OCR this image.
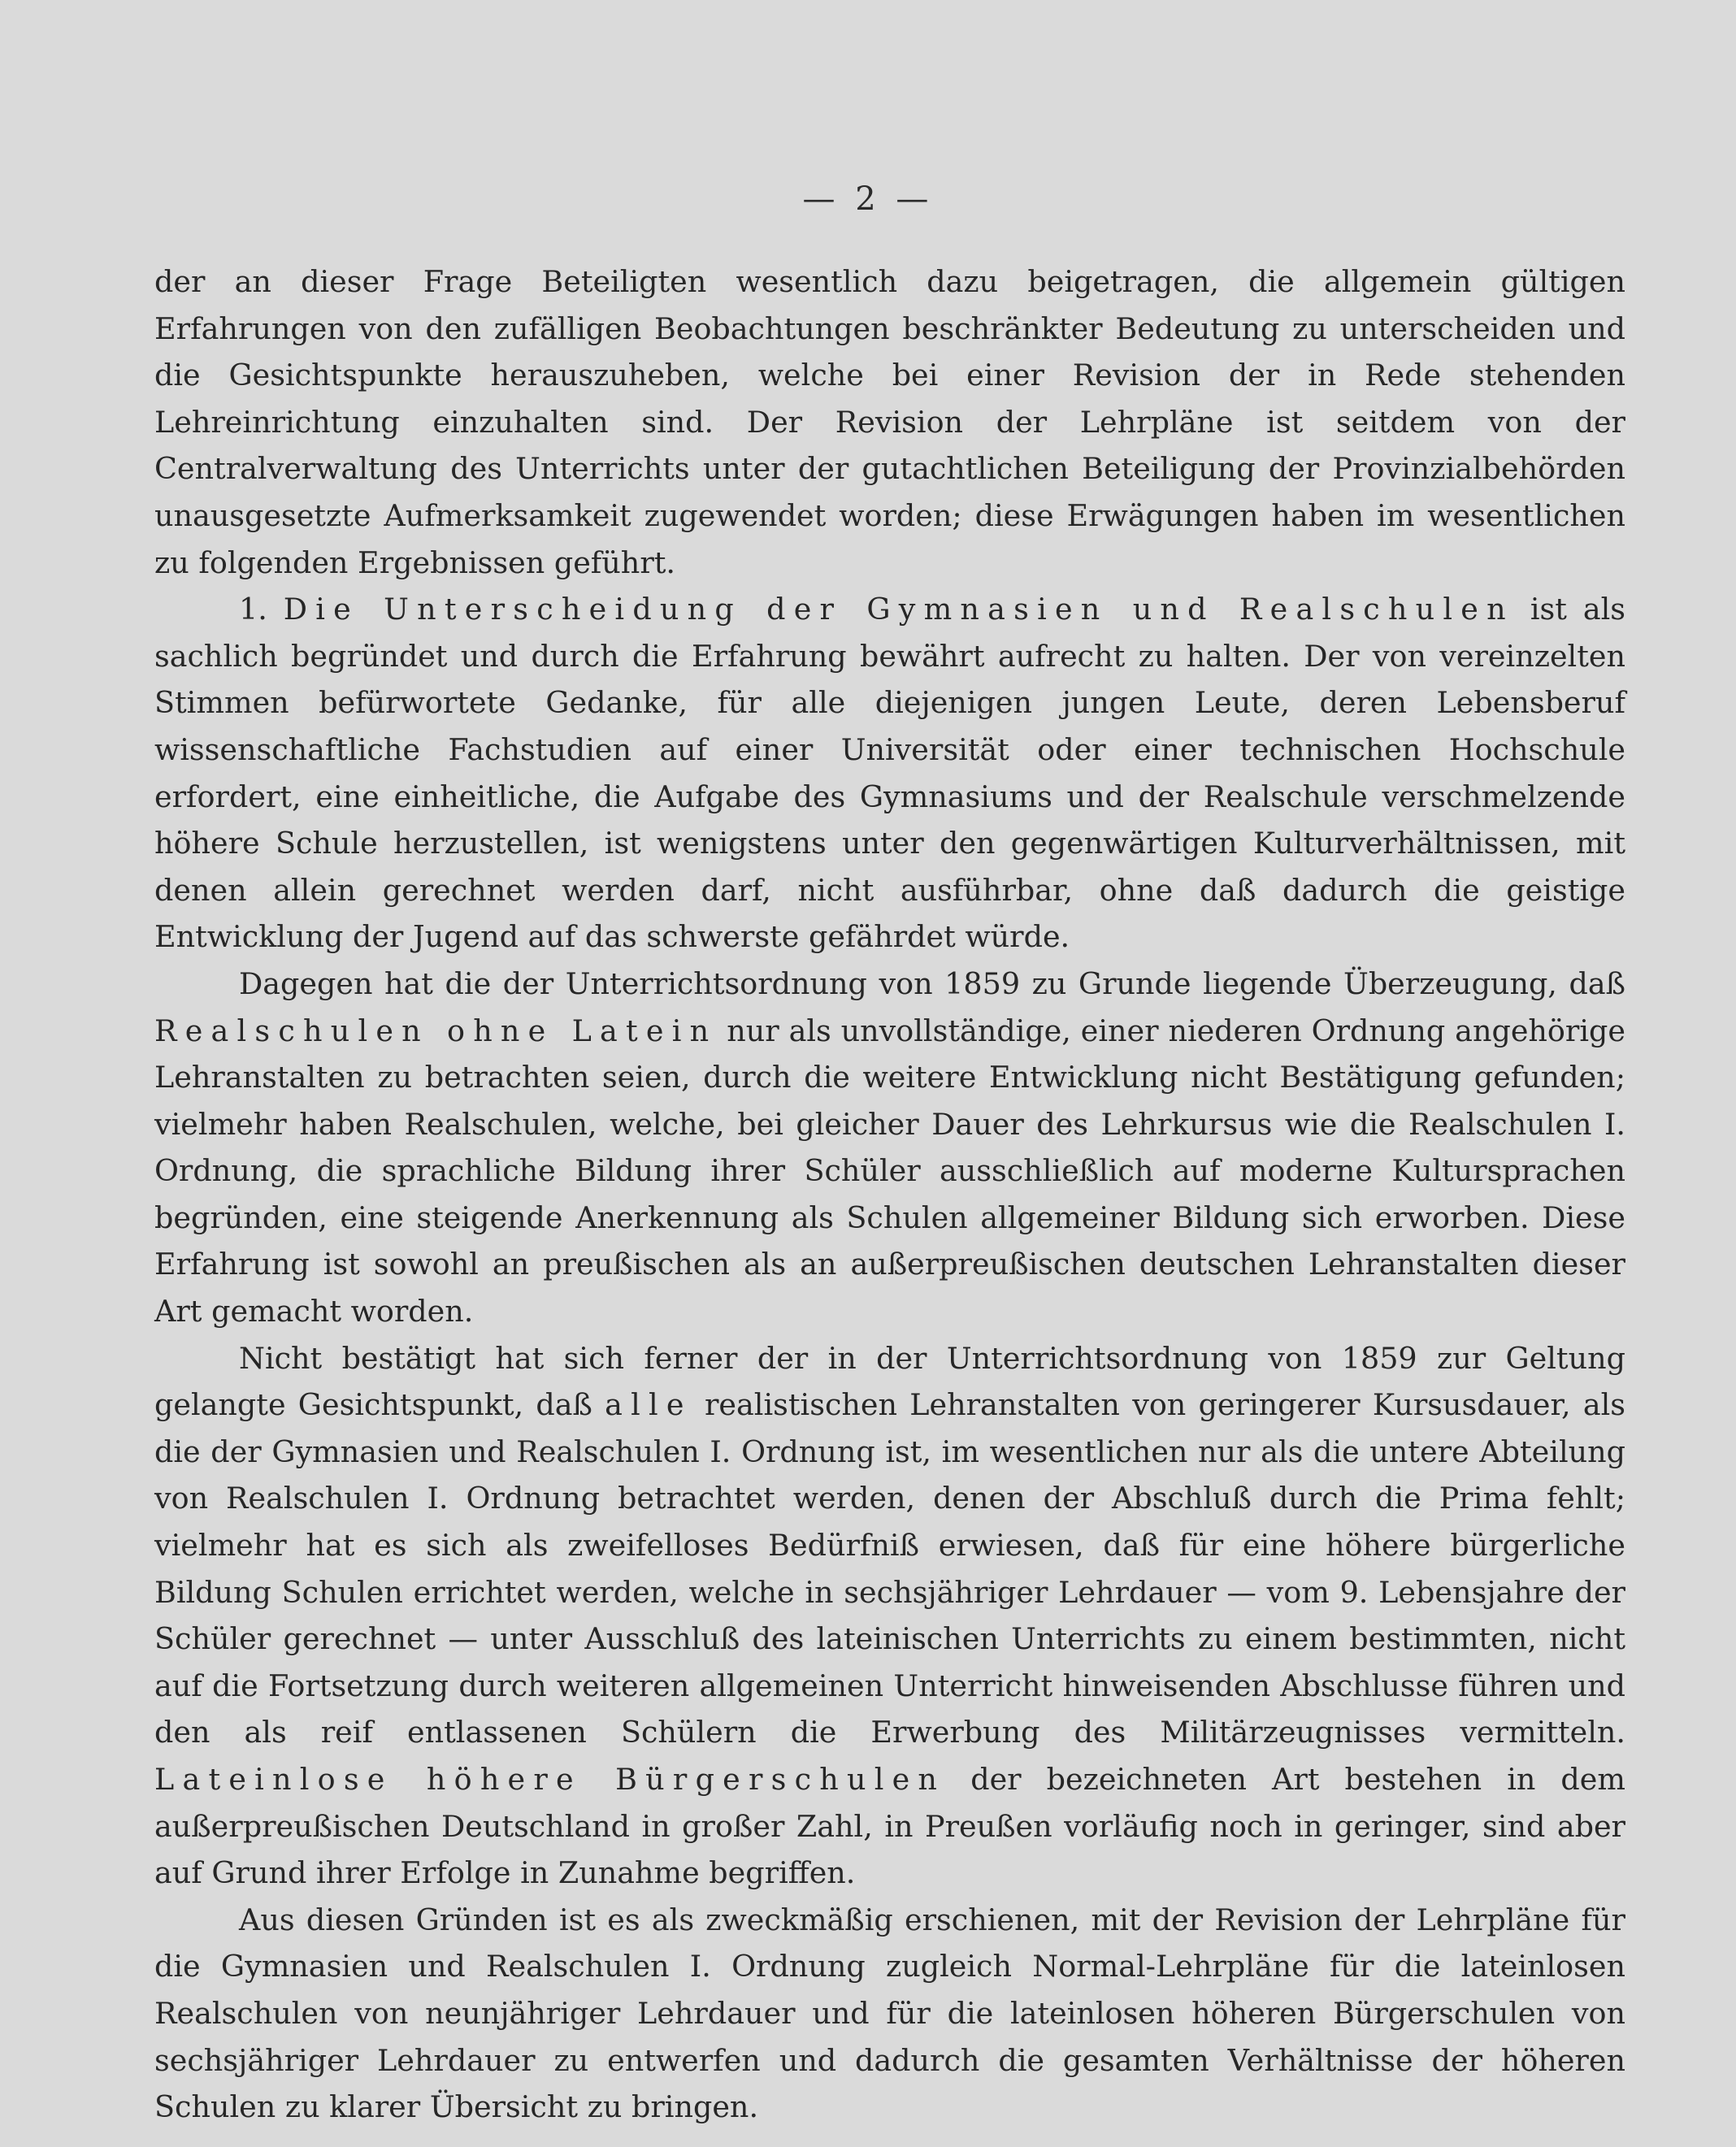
— 2 —

der an dieser Frage Beteiligten wesentlich dazu beigetragen, die allgemein gültigen Erfahrungen von den zufälligen Beobachtungen beschränkter Bedeutung zu unterscheiden und die Gesichtspunkte herauszuheben, welche bei einer Revision der in Rede stehenden Lehreinrichtung einzuhalten sind. Der Revision der Lehrpläne ist seitdem von der Centralverwaltung des Unterrichts unter der gutachtlichen Beteiligung der Provinzialbehörden unausgesetzte Aufmerksamkeit zugewendet worden; diese Erwägungen haben im wesentlichen zu folgenden Ergebnissen geführt.

1. Die Unterscheidung der Gymnasien und Realschulen ist als sachlich begründet und durch die Erfahrung bewährt aufrecht zu halten. Der von vereinzelten Stimmen befürwortete Gedanke, für alle diejenigen jungen Leute, deren Lebensberuf wissenschaftliche Fachstudien auf einer Universität oder einer technischen Hochschule erfordert, eine einheitliche, die Aufgabe des Gymnasiums und der Realschule verschmelzende höhere Schule herzustellen, ist wenigstens unter den gegenwärtigen Kulturverhältnissen, mit denen allein gerechnet werden darf, nicht ausführbar, ohne daß dadurch die geistige Entwicklung der Jugend auf das schwerste gefährdet würde.

Dagegen hat die der Unterrichtsordnung von 1859 zu Grunde liegende Überzeugung, daß Realschulen ohne Latein nur als unvollständige, einer niederen Ordnung angehörige Lehranstalten zu betrachten seien, durch die weitere Entwicklung nicht Bestätigung gefunden; vielmehr haben Realschulen, welche, bei gleicher Dauer des Lehrkursus wie die Realschulen I. Ordnung, die sprachliche Bildung ihrer Schüler ausschließlich auf moderne Kultursprachen begründen, eine steigende Anerkennung als Schulen allgemeiner Bildung sich erworben. Diese Erfahrung ist sowohl an preußischen als an außerpreußischen deutschen Lehranstalten dieser Art gemacht worden.

Nicht bestätigt hat sich ferner der in der Unterrichtsordnung von 1859 zur Geltung gelangte Gesichtspunkt, daß alle realistischen Lehranstalten von geringerer Kursusdauer, als die der Gymnasien und Realschulen I. Ordnung ist, im wesentlichen nur als die untere Abteilung von Realschulen I. Ordnung betrachtet werden, denen der Abschluß durch die Prima fehlt; vielmehr hat es sich als zweifelloses Bedürfniß erwiesen, daß für eine höhere bürgerliche Bildung Schulen errichtet werden, welche in sechsjähriger Lehrdauer — vom 9. Lebensjahre der Schüler gerechnet — unter Ausschluß des lateinischen Unterrichts zu einem bestimmten, nicht auf die Fortsetzung durch weiteren allgemeinen Unterricht hinweisenden Abschlusse führen und den als reif entlassenen Schülern die Erwerbung des Militärzeugnisses vermitteln. Lateinlose höhere Bürgerschulen der bezeichneten Art bestehen in dem außerpreußischen Deutschland in großer Zahl, in Preußen vorläufig noch in geringer, sind aber auf Grund ihrer Erfolge in Zunahme begriffen.

Aus diesen Gründen ist es als zweckmäßig erschienen, mit der Revision der Lehrpläne für die Gymnasien und Realschulen I. Ordnung zugleich Normal-Lehrpläne für die lateinlosen Realschulen von neunjähriger Lehrdauer und für die lateinlosen höheren Bürgerschulen von sechsjähriger Lehrdauer zu entwerfen und dadurch die gesamten Verhältnisse der höheren Schulen zu klarer Übersicht zu bringen.
